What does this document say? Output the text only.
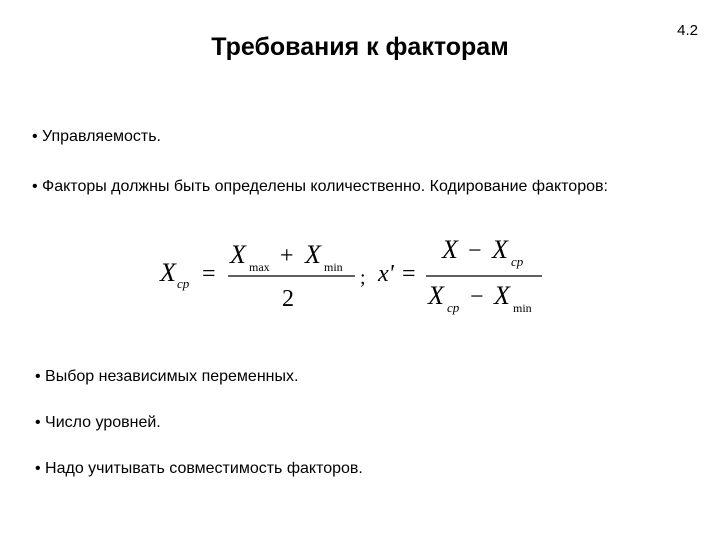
4.2
Требования к факторам

• Управляемость.

• Факторы должны быть определены количественно. Кодирование факторов:

X ср =
X max + X min
2
; x' =
X − X ср
X ср − X min

• Выбор независимых переменных.

• Число уровней.

• Надо учитывать совместимость факторов.
